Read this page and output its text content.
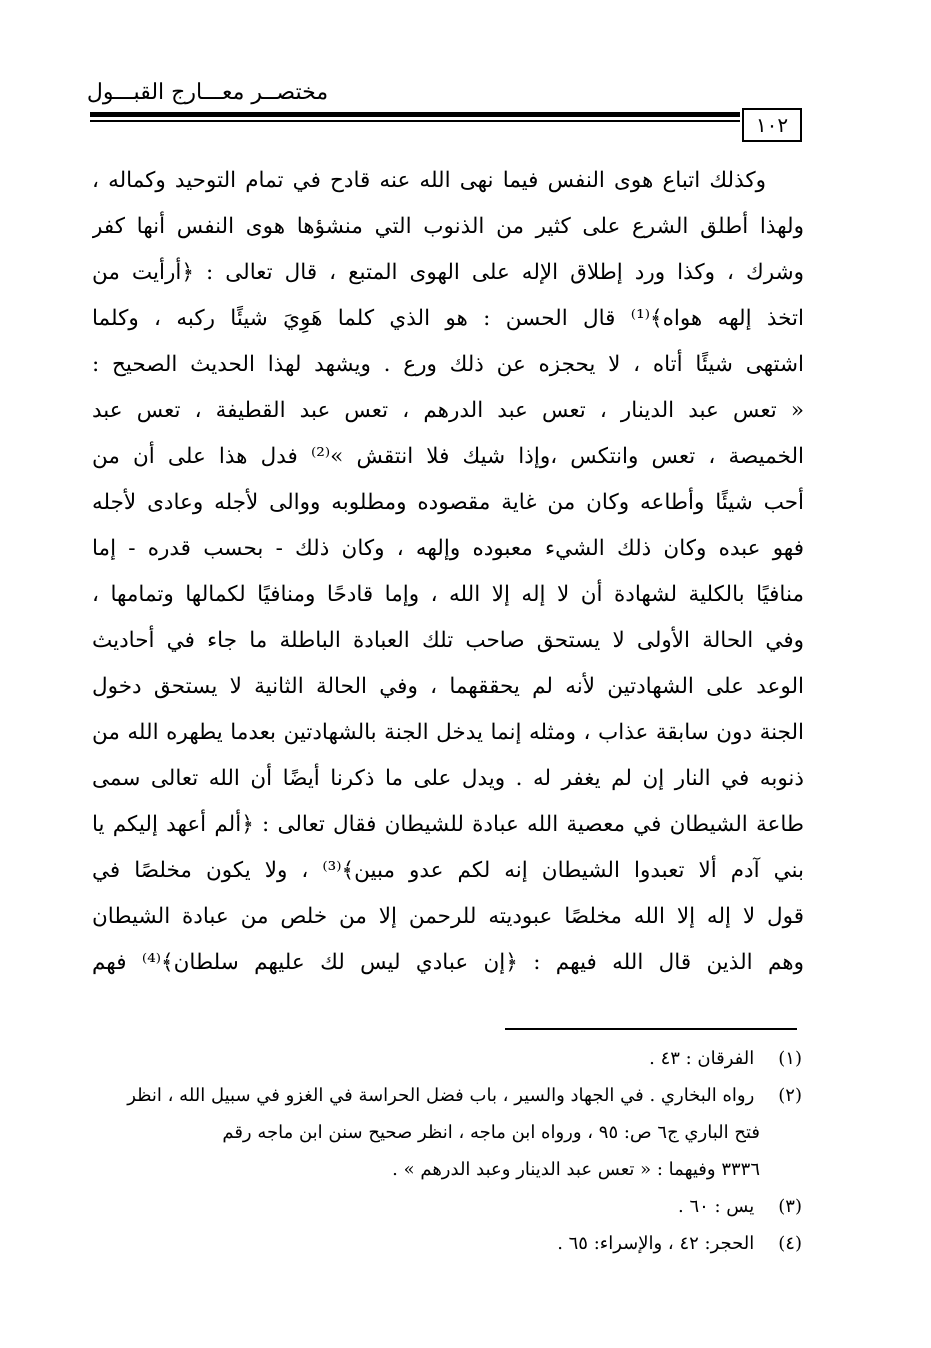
مختصــر معـــارج القبـــول
١٠٢
وكذلك اتباع هوى النفس فيما نهى الله عنه قادح في تمام التوحيد وكماله ،
ولهذا أطلق الشرع على كثير من الذنوب التي منشؤها هوى النفس أنها كفر
وشرك ، وكذا ورد إطلاق الإله على الهوى المتبع ، قال تعالى : ﴿أرأيت من
اتخذ إلهه هواه﴾⁽¹⁾ قال الحسن : هو الذي كلما هَوِيَ شيئًا ركبه ، وكلما
اشتهى شيئًا أتاه ، لا يحجزه عن ذلك ورع . ويشهد لهذا الحديث الصحيح :
« تعس عبد الدينار ، تعس عبد الدرهم ، تعس عبد القطيفة ، تعس عبد
الخميصة ، تعس وانتكس ،وإذا شيك فلا انتقش »⁽²⁾ فدل هذا على أن من
أحب شيئًا وأطاعه وكان من غاية مقصوده ومطلوبه ووالى لأجله وعادى لأجله
فهو عبده وكان ذلك الشيء معبوده وإلهه ، وكان ذلك - بحسب قدره - إما
منافيًا بالكلية لشهادة أن لا إله إلا الله ، وإما قادحًا ومنافيًا لكمالها وتمامها ،
وفي الحالة الأولى لا يستحق صاحب تلك العبادة الباطلة ما جاء في أحاديث
الوعد على الشهادتين لأنه لم يحققهما ، وفي الحالة الثانية لا يستحق دخول
الجنة دون سابقة عذاب ، ومثله إنما يدخل الجنة بالشهادتين بعدما يطهره الله من
ذنوبه في النار إن لم يغفر له . ويدل على ما ذكرنا أيضًا أن الله تعالى سمى
طاعة الشيطان في معصية الله عبادة للشيطان فقال تعالى : ﴿ألم أعهد إليكم يا
بني آدم ألا تعبدوا الشيطان إنه لكم عدو مبين﴾⁽³⁾ ، ولا يكون مخلصًا في
قول لا إله إلا الله مخلصًا عبوديته للرحمن إلا من خلص من عبادة الشيطان
وهم الذين قال الله فيهم : ﴿إن عبادي ليس لك عليهم سلطان﴾⁽⁴⁾ فهم
(١) الفرقان : ٤٣ .
(٢) رواه البخاري . في الجهاد والسير ، باب فضل الحراسة في الغزو في سبيل الله ، انظر
فتح الباري ج٦ ص: ٩٥ ، ورواه ابن ماجه ، انظر صحيح سنن ابن ماجه رقم
٣٣٣٦ وفيهما : « تعس عبد الدينار وعبد الدرهم » .
(٣) يس : ٦٠ .
(٤) الحجر: ٤٢ ، والإسراء: ٦٥ .
